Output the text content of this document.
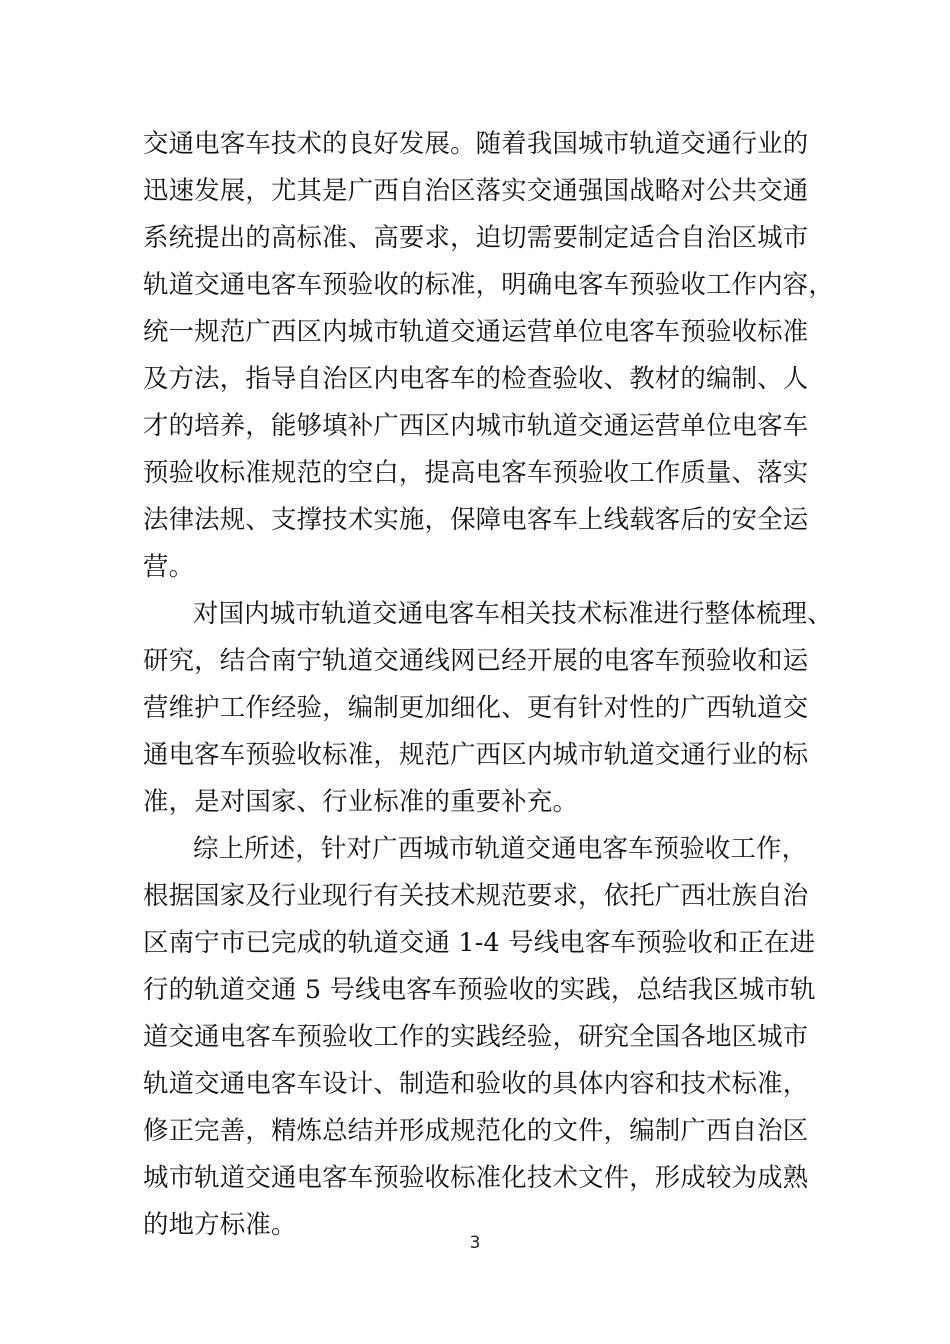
交通电客车技术的良好发展。随着我国城市轨道交通行业的
迅速发展，尤其是广西自治区落实交通强国战略对公共交通
系统提出的高标准、高要求，迫切需要制定适合自治区城市
轨道交通电客车预验收的标准，明确电客车预验收工作内容，
统一规范广西区内城市轨道交通运营单位电客车预验收标准
及方法，指导自治区内电客车的检查验收、教材的编制、人
才的培养，能够填补广西区内城市轨道交通运营单位电客车
预验收标准规范的空白，提高电客车预验收工作质量、落实
法律法规、支撑技术实施，保障电客车上线载客后的安全运
营。
对国内城市轨道交通电客车相关技术标准进行整体梳理、
研究，结合南宁轨道交通线网已经开展的电客车预验收和运
营维护工作经验，编制更加细化、更有针对性的广西轨道交
通电客车预验收标准，规范广西区内城市轨道交通行业的标
准，是对国家、行业标准的重要补充。
综上所述，针对广西城市轨道交通电客车预验收工作，
根据国家及行业现行有关技术规范要求，依托广西壮族自治
区南宁市已完成的轨道交通 1-4 号线电客车预验收和正在进
行的轨道交通 5 号线电客车预验收的实践，总结我区城市轨
道交通电客车预验收工作的实践经验，研究全国各地区城市
轨道交通电客车设计、制造和验收的具体内容和技术标准，
修正完善，精炼总结并形成规范化的文件，编制广西自治区
城市轨道交通电客车预验收标准化技术文件，形成较为成熟
的地方标准。
3
